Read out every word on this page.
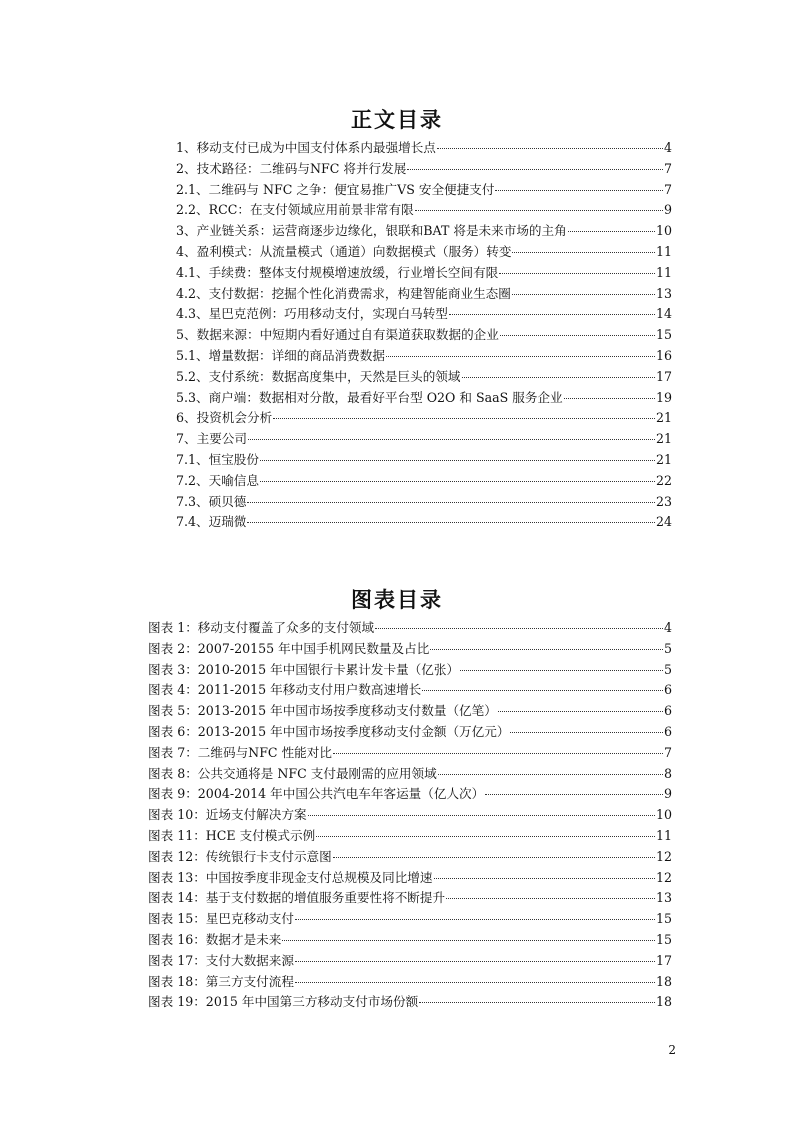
正文目录
1、移动支付已成为中国支付体系内最强增长点	4
2、技术路径：二维码与NFC 将并行发展	7
2.1、二维码与 NFC 之争：便宜易推广VS 安全便捷支付	7
2.2、RCC：在支付领域应用前景非常有限	9
3、产业链关系：运营商逐步边缘化，银联和BAT 将是未来市场的主角	10
4、盈利模式：从流量模式（通道）向数据模式（服务）转变	11
4.1、手续费：整体支付规模增速放缓，行业增长空间有限	11
4.2、支付数据：挖掘个性化消费需求，构建智能商业生态圈	13
4.3、星巴克范例：巧用移动支付，实现白马转型	14
5、数据来源：中短期内看好通过自有渠道获取数据的企业	15
5.1、增量数据：详细的商品消费数据	16
5.2、支付系统：数据高度集中，天然是巨头的领域	17
5.3、商户端：数据相对分散，最看好平台型 O2O 和 SaaS 服务企业	19
6、投资机会分析	21
7、主要公司	21
7.1、恒宝股份	21
7.2、天喻信息	22
7.3、硕贝德	23
7.4、迈瑞微	24
图表目录
图表 1：移动支付覆盖了众多的支付领域	4
图表 2：2007-20155 年中国手机网民数量及占比	5
图表 3：2010-2015 年中国银行卡累计发卡量（亿张）	5
图表 4：2011-2015 年移动支付用户数高速增长	6
图表 5：2013-2015 年中国市场按季度移动支付数量（亿笔）	6
图表 6：2013-2015 年中国市场按季度移动支付金额（万亿元）	6
图表 7：二维码与NFC 性能对比	7
图表 8：公共交通将是 NFC 支付最刚需的应用领域	8
图表 9：2004-2014 年中国公共汽电车年客运量（亿人次）	9
图表 10：近场支付解决方案	10
图表 11：HCE 支付模式示例	11
图表 12：传统银行卡支付示意图	12
图表 13：中国按季度非现金支付总规模及同比增速	12
图表 14：基于支付数据的增值服务重要性将不断提升	13
图表 15：星巴克移动支付	15
图表 16：数据才是未来	15
图表 17：支付大数据来源	17
图表 18：第三方支付流程	18
图表 19：2015 年中国第三方移动支付市场份额	18
2
